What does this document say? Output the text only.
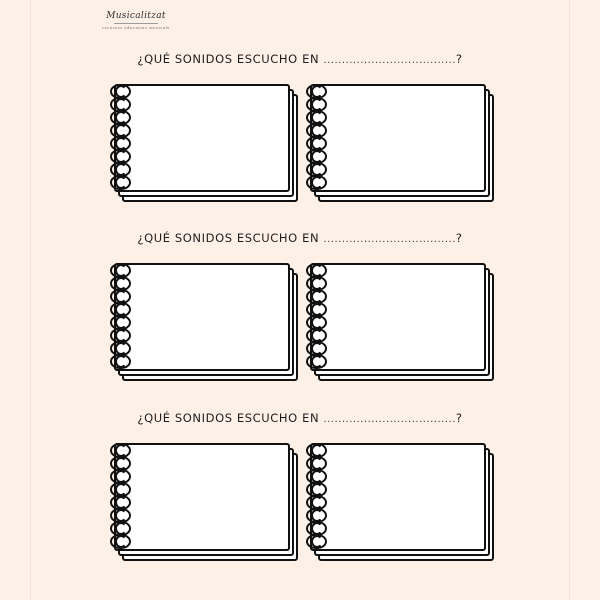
Musicalitzat
recursos educatius musicals
¿QUÉ SONIDOS ESCUCHO EN ....................................?
¿QUÉ SONIDOS ESCUCHO EN ....................................?
¿QUÉ SONIDOS ESCUCHO EN ....................................?
